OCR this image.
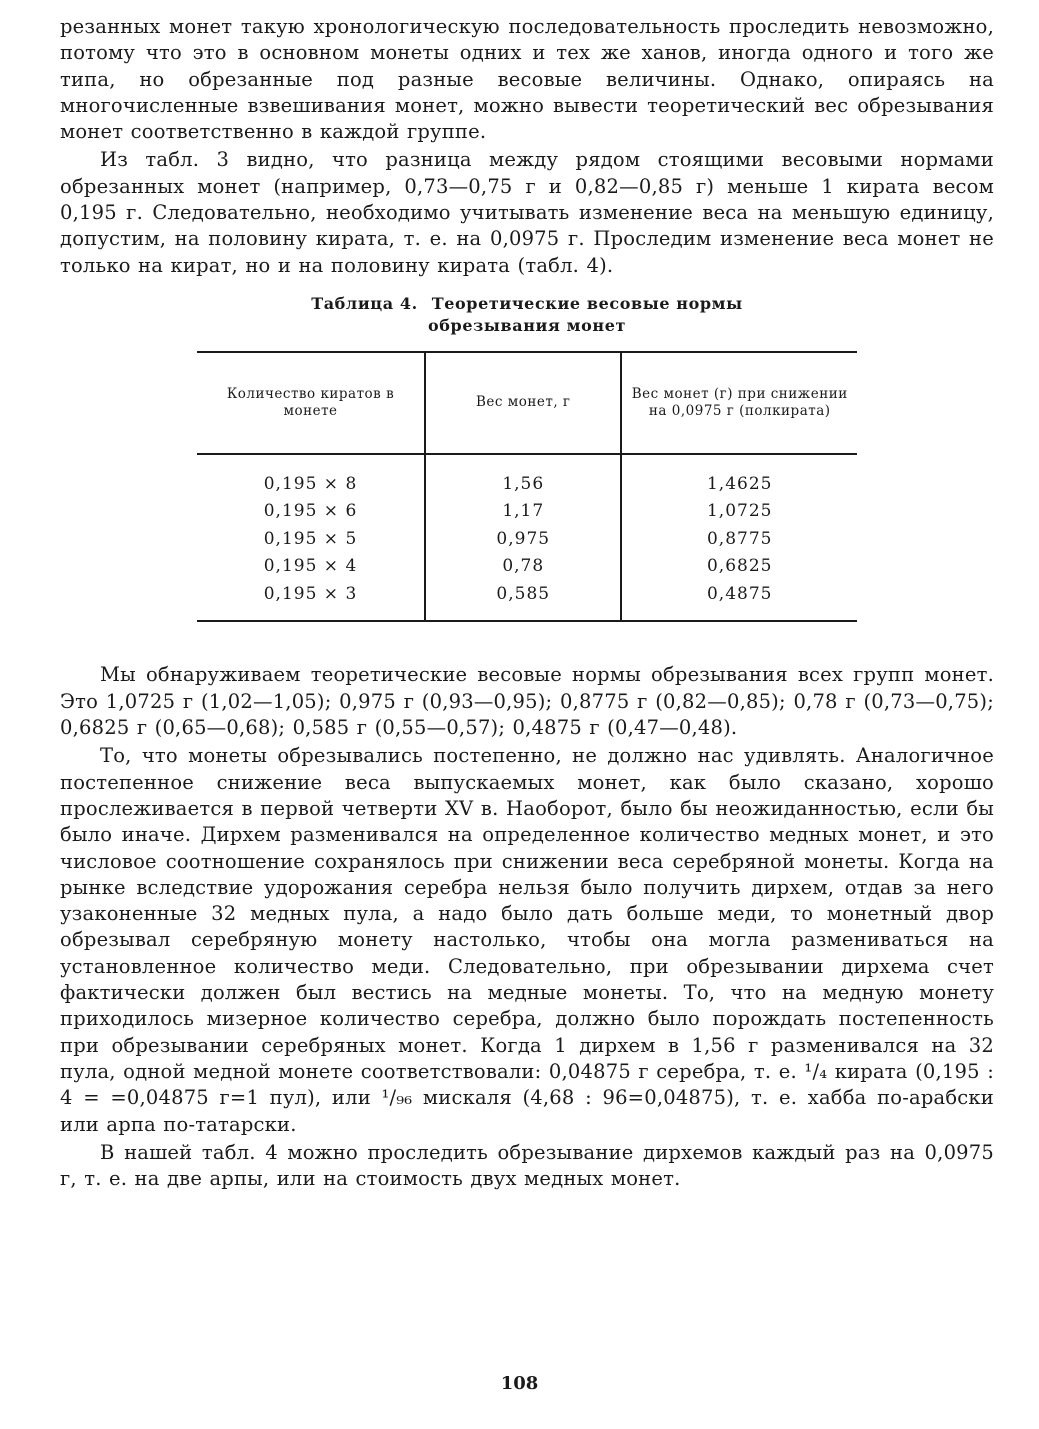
резанных монет такую хронологическую последовательность проследить невозможно, потому что это в основном монеты одних и тех же ханов, иногда одного и того же типа, но обрезанные под разные весовые величины. Однако, опираясь на многочисленные взвешивания монет, можно вывести теоретический вес обрезывания монет соответственно в каждой группе.

Из табл. 3 видно, что разница между рядом стоящими весовыми нормами обрезанных монет (например, 0,73—0,75 г и 0,82—0,85 г) меньше 1 кирата весом 0,195 г. Следовательно, необходимо учитывать изменение веса на меньшую единицу, допустим, на половину кирата, т. е. на 0,0975 г. Проследим изменение веса монет не только на кират, но и на половину кирата (табл. 4).

Таблица 4. Теоретические весовые нормы
обрезывания монет
Количество киратов в монете	Вес монет, г	Вес монет (г) при снижении на 0,0975 г (полкирата)
0,195 × 8	1,56	1,4625
0,195 × 6	1,17	1,0725
0,195 × 5	0,975	0,8775
0,195 × 4	0,78	0,6825
0,195 × 3	0,585	0,4875

Мы обнаруживаем теоретические весовые нормы обрезывания всех групп монет. Это 1,0725 г (1,02—1,05); 0,975 г (0,93—0,95); 0,8775 г (0,82—0,85); 0,78 г (0,73—0,75); 0,6825 г (0,65—0,68); 0,585 г (0,55—0,57); 0,4875 г (0,47—0,48).

То, что монеты обрезывались постепенно, не должно нас удивлять. Аналогичное постепенное снижение веса выпускаемых монет, как было сказано, хорошо прослеживается в первой четверти XV в. Наоборот, было бы неожиданностью, если бы было иначе. Дирхем разменивался на определенное количество медных монет, и это числовое соотношение сохранялось при снижении веса серебряной монеты. Когда на рынке вследствие удорожания серебра нельзя было получить дирхем, отдав за него узаконенные 32 медных пула, а надо было дать больше меди, то монетный двор обрезывал серебряную монету настолько, чтобы она могла размениваться на установленное количество меди. Следовательно, при обрезывании дирхема счет фактически должен был вестись на медные монеты. То, что на медную монету приходилось мизерное количество серебра, должно было порождать постепенность при обрезывании серебряных монет. Когда 1 дирхем в 1,56 г разменивался на 32 пула, одной медной монете соответствовали: 0,04875 г серебра, т. е. ¹/₄ кирата (0,195 : 4 = =0,04875 г=1 пул), или ¹/₉₆ мискаля (4,68 : 96=0,04875), т. е. хабба по-арабски или арпа по-татарски.

В нашей табл. 4 можно проследить обрезывание дирхемов каждый раз на 0,0975 г, т. е. на две арпы, или на стоимость двух медных монет.

108
